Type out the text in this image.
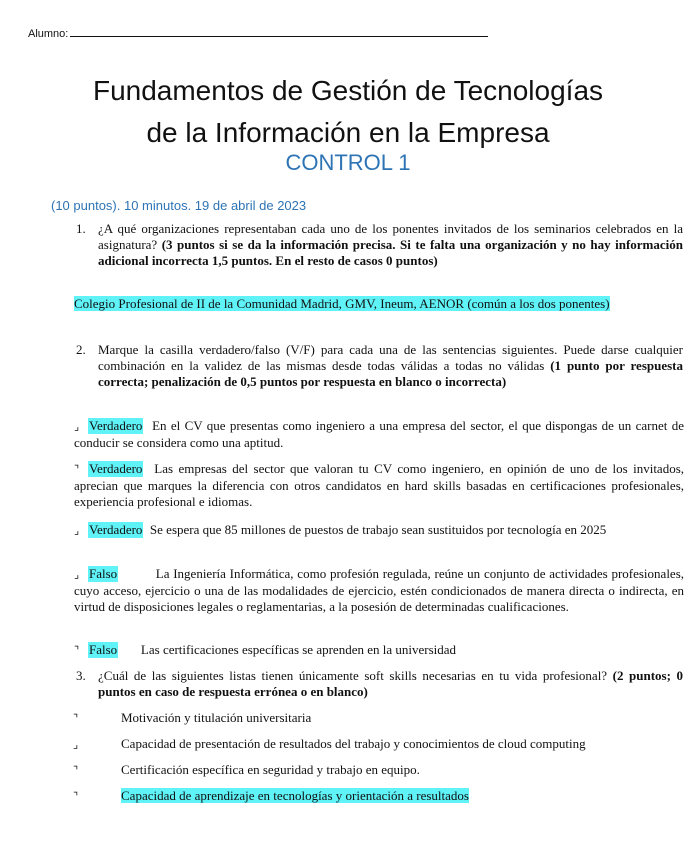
Alumno:
Fundamentos de Gestión de Tecnologías
de la Información en la Empresa
CONTROL 1
(10 puntos). 10 minutos. 19 de abril de 2023
1. ¿A qué organizaciones representaban cada uno de los ponentes invitados de los seminarios celebrados en la asignatura? (3 puntos si se da la información precisa. Si te falta una organización y no hay información adicional incorrecta 1,5 puntos. En el resto de casos 0 puntos)
Colegio Profesional de II de la Comunidad Madrid, GMV, Ineum, AENOR (común a los dos ponentes)
2. Marque la casilla verdadero/falso (V/F) para cada una de las sentencias siguientes. Puede darse cualquier combinación en la validez de las mismas desde todas válidas a todas no válidas (1 punto por respuesta correcta; penalización de 0,5 puntos por respuesta en blanco o incorrecta)
⌟ Verdadero En el CV que presentas como ingeniero a una empresa del sector, el que dispongas de un carnet de conducir se considera como una aptitud.
⌝ Verdadero Las empresas del sector que valoran tu CV como ingeniero, en opinión de uno de los invitados, aprecian que marques la diferencia con otros candidatos en hard skills basadas en certificaciones profesionales, experiencia profesional e idiomas.
⌟ Verdadero Se espera que 85 millones de puestos de trabajo sean sustituidos por tecnología en 2025
⌟ Falso	La Ingeniería Informática, como profesión regulada, reúne un conjunto de actividades profesionales, cuyo acceso, ejercicio o una de las modalidades de ejercicio, estén condicionados de manera directa o indirecta, en virtud de disposiciones legales o reglamentarias, a la posesión de determinadas cualificaciones.
⌝ Falso Las certificaciones específicas se aprenden en la universidad
3. ¿Cuál de las siguientes listas tienen únicamente soft skills necesarias en tu vida profesional? (2 puntos; 0 puntos en caso de respuesta errónea o en blanco)
⌝	Motivación y titulación universitaria
⌟	Capacidad de presentación de resultados del trabajo y conocimientos de cloud computing
⌝	Certificación específica en seguridad y trabajo en equipo.
⌝	Capacidad de aprendizaje en tecnologías y orientación a resultados
